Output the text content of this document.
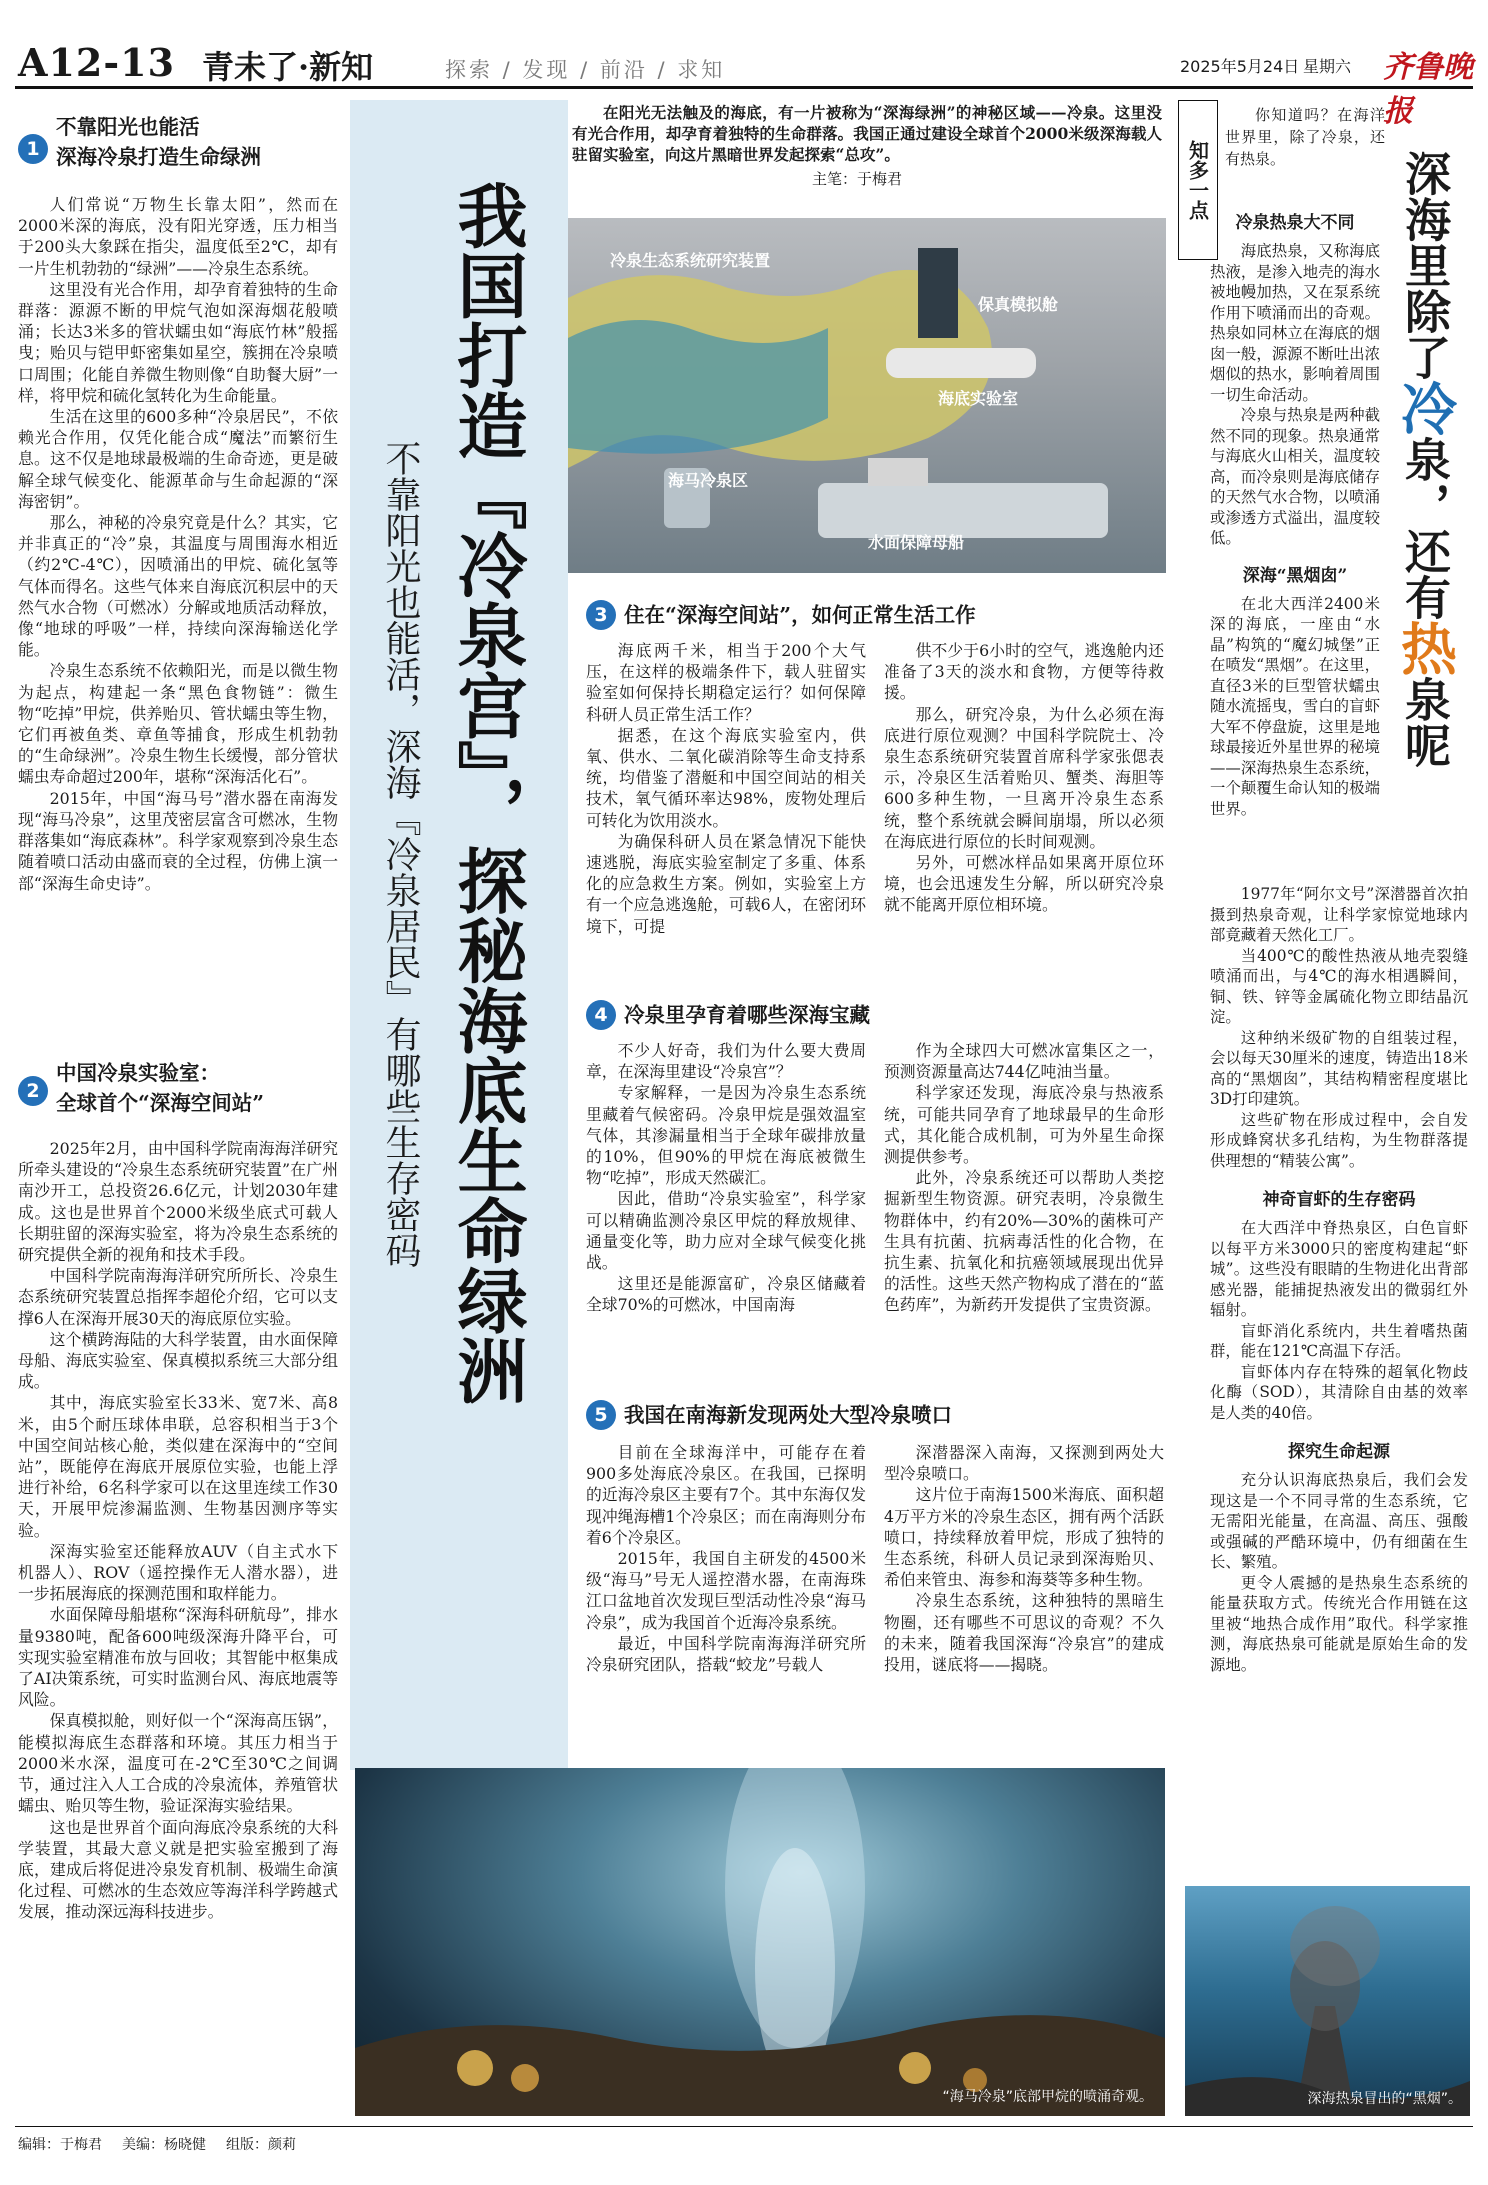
A12-13 青未了·新知	探索 / 发现 / 前沿 / 求知	2025年5月24日 星期六 齐鲁晚报
1
不靠阳光也能活
深海冷泉打造生命绿洲

人们常说“万物生长靠太阳”，然而在2000米深的海底，没有阳光穿透，压力相当于200头大象踩在指尖，温度低至2℃，却有一片生机勃勃的“绿洲”——冷泉生态系统。

这里没有光合作用，却孕育着独特的生命群落：源源不断的甲烷气泡如深海烟花般喷涌；长达3米多的管状蠕虫如“海底竹林”般摇曳；贻贝与铠甲虾密集如星空，簇拥在冷泉喷口周围；化能自养微生物则像“自助餐大厨”一样，将甲烷和硫化氢转化为生命能量。

生活在这里的600多种“冷泉居民”，不依赖光合作用，仅凭化能合成“魔法”而繁衍生息。这不仅是地球最极端的生命奇迹，更是破解全球气候变化、能源革命与生命起源的“深海密钥”。

那么，神秘的冷泉究竟是什么？其实，它并非真正的“冷”泉，其温度与周围海水相近（约2℃-4℃），因喷涌出的甲烷、硫化氢等气体而得名。这些气体来自海底沉积层中的天然气水合物（可燃冰）分解或地质活动释放，像“地球的呼吸”一样，持续向深海输送化学能。

冷泉生态系统不依赖阳光，而是以微生物为起点，构建起一条“黑色食物链”：微生物“吃掉”甲烷，供养贻贝、管状蠕虫等生物，它们再被鱼类、章鱼等捕食，形成生机勃勃的“生命绿洲”。冷泉生物生长缓慢，部分管状蠕虫寿命超过200年，堪称“深海活化石”。

2015年，中国“海马号”潜水器在南海发现“海马冷泉”，这里茂密层富含可燃冰，生物群落集如“海底森林”。科学家观察到冷泉生态随着喷口活动由盛而衰的全过程，仿佛上演一部“深海生命史诗”。

2
中国冷泉实验室：
全球首个“深海空间站”

2025年2月，由中国科学院南海海洋研究所牵头建设的“冷泉生态系统研究装置”在广州南沙开工，总投资26.6亿元，计划2030年建成。这也是世界首个2000米级坐底式可载人长期驻留的深海实验室，将为冷泉生态系统的研究提供全新的视角和技术手段。

中国科学院南海海洋研究所所长、冷泉生态系统研究装置总指挥李超伦介绍，它可以支撑6人在深海开展30天的海底原位实验。

这个横跨海陆的大科学装置，由水面保障母船、海底实验室、保真模拟系统三大部分组成。

其中，海底实验室长33米、宽7米、高8米，由5个耐压球体串联，总容积相当于3个中国空间站核心舱，类似建在深海中的“空间站”，既能停在海底开展原位实验，也能上浮进行补给，6名科学家可以在这里连续工作30天，开展甲烷渗漏监测、生物基因测序等实验。

深海实验室还能释放AUV（自主式水下机器人）、ROV（遥控操作无人潜水器），进一步拓展海底的探测范围和取样能力。

水面保障母船堪称“深海科研航母”，排水量9380吨，配备600吨级深海升降平台，可实现实验室精准布放与回收；其智能中枢集成了AI决策系统，可实时监测台风、海底地震等风险。

保真模拟舱，则好似一个“深海高压锅”，能模拟海底生态群落和环境。其压力相当于2000米水深，温度可在-2℃至30℃之间调节，通过注入人工合成的冷泉流体，养殖管状蠕虫、贻贝等生物，验证深海实验结果。

这也是世界首个面向海底冷泉系统的大科学装置，其最大意义就是把实验室搬到了海底，建成后将促进冷泉发育机制、极端生命演化过程、可燃冰的生态效应等海洋科学跨越式发展，推动深远海科技进步。

我国打造『冷泉宫』，探秘海底生命绿洲
不靠阳光也能活，深海『冷泉居民』有哪些生存密码
在阳光无法触及的海底，有一片被称为“深海绿洲”的神秘区域——冷泉。这里没有光合作用，却孕育着独特的生命群落。我国正通过建设全球首个2000米级深海载人驻留实验室，向这片黑暗世界发起探索“总攻”。
主笔：于梅君
冷泉生态系统研究装置
保真模拟舱
海底实验室
海马冷泉区
水面保障母船
3 住在“深海空间站”，如何正常生活工作

海底两千米，相当于200个大气压，在这样的极端条件下，载人驻留实验室如何保持长期稳定运行？如何保障科研人员正常生活工作？

据悉，在这个海底实验室内，供氧、供水、二氧化碳消除等生命支持系统，均借鉴了潜艇和中国空间站的相关技术，氧气循环率达98%，废物处理后可转化为饮用淡水。

为确保科研人员在紧急情况下能快速逃脱，海底实验室制定了多重、体系化的应急救生方案。例如，实验室上方有一个应急逃逸舱，可载6人，在密闭环境下，可提

供不少于6小时的空气，逃逸舱内还准备了3天的淡水和食物，方便等待救援。

那么，研究冷泉，为什么必须在海底进行原位观测？中国科学院院士、冷泉生态系统研究装置首席科学家张偲表示，冷泉区生活着贻贝、蟹类、海胆等600多种生物，一旦离开冷泉生态系统，整个系统就会瞬间崩塌，所以必须在海底进行原位的长时间观测。

另外，可燃冰样品如果离开原位环境，也会迅速发生分解，所以研究冷泉就不能离开原位相环境。

4 冷泉里孕育着哪些深海宝藏

不少人好奇，我们为什么要大费周章，在深海里建设“冷泉宫”？

专家解释，一是因为冷泉生态系统里藏着气候密码。冷泉甲烷是强效温室气体，其渗漏量相当于全球年碳排放量的10%，但90%的甲烷在海底被微生物“吃掉”，形成天然碳汇。

因此，借助“冷泉实验室”，科学家可以精确监测冷泉区甲烷的释放规律、通量变化等，助力应对全球气候变化挑战。

这里还是能源富矿，冷泉区储藏着全球70%的可燃冰，中国南海

作为全球四大可燃冰富集区之一，预测资源量高达744亿吨油当量。

科学家还发现，海底冷泉与热液系统，可能共同孕育了地球最早的生命形式，其化能合成机制，可为外星生命探测提供参考。

此外，冷泉系统还可以帮助人类挖掘新型生物资源。研究表明，冷泉微生物群体中，约有20%—30%的菌株可产生具有抗菌、抗病毒活性的化合物，在抗生素、抗氧化和抗癌领域展现出优异的活性。这些天然产物构成了潜在的“蓝色药库”，为新药开发提供了宝贵资源。

5 我国在南海新发现两处大型冷泉喷口

目前在全球海洋中，可能存在着900多处海底冷泉区。在我国，已探明的近海冷泉区主要有7个。其中东海仅发现冲绳海槽1个冷泉区；而在南海则分布着6个冷泉区。

2015年，我国自主研发的4500米级“海马”号无人遥控潜水器，在南海珠江口盆地首次发现巨型活动性冷泉“海马冷泉”，成为我国首个近海冷泉系统。

最近，中国科学院南海海洋研究所冷泉研究团队，搭载“蛟龙”号载人

深潜器深入南海，又探测到两处大型冷泉喷口。

这片位于南海1500米海底、面积超4万平方米的冷泉生态区，拥有两个活跃喷口，持续释放着甲烷，形成了独特的生态系统，科研人员记录到深海贻贝、希伯来管虫、海参和海葵等多种生物。

冷泉生态系统，这种独特的黑暗生物圈，还有哪些不可思议的奇观？不久的未来，随着我国深海“冷泉宫”的建成投用，谜底将——揭晓。

“海马冷泉”底部甲烷的喷涌奇观。
知多一点
你知道吗？在海洋世界里，除了冷泉，还有热泉。	深海里除了冷泉，还有热泉呢
冷泉热泉大不同

海底热泉，又称海底热液，是渗入地壳的海水被地幔加热，又在泵系统作用下喷涌而出的奇观。热泉如同林立在海底的烟囱一般，源源不断吐出浓烟似的热水，影响着周围一切生命活动。

冷泉与热泉是两种截然不同的现象。热泉通常与海底火山相关，温度较高，而冷泉则是海底储存的天然气水合物，以喷涌或渗透方式溢出，温度较低。

深海“黑烟囱”

在北大西洋2400米深的海底，一座由“水晶”构筑的“魔幻城堡”正在喷发“黑烟”。在这里，直径3米的巨型管状蠕虫随水流摇曳，雪白的盲虾大军不停盘旋，这里是地球最接近外星世界的秘境——深海热泉生态系统，一个颠覆生命认知的极端世界。

1977年“阿尔文号”深潜器首次拍摄到热泉奇观，让科学家惊觉地球内部竟藏着天然化工厂。

当400℃的酸性热液从地壳裂缝喷涌而出，与4℃的海水相遇瞬间，铜、铁、锌等金属硫化物立即结晶沉淀。

这种纳米级矿物的自组装过程，会以每天30厘米的速度，铸造出18米高的“黑烟囱”，其结构精密程度堪比3D打印建筑。

这些矿物在形成过程中，会自发形成蜂窝状多孔结构，为生物群落提供理想的“精装公寓”。

神奇盲虾的生存密码

在大西洋中脊热泉区，白色盲虾以每平方米3000只的密度构建起“虾城”。这些没有眼睛的生物进化出背部感光器，能捕捉热液发出的微弱红外辐射。

盲虾消化系统内，共生着嗜热菌群，能在121℃高温下存活。

盲虾体内存在特殊的超氧化物歧化酶（SOD），其清除自由基的效率是人类的40倍。

探究生命起源

充分认识海底热泉后，我们会发现这是一个不同寻常的生态系统，它无需阳光能量，在高温、高压、强酸或强碱的严酷环境中，仍有细菌在生长、繁殖。

更令人震撼的是热泉生态系统的能量获取方式。传统光合作用链在这里被“地热合成作用”取代。科学家推测，海底热泉可能就是原始生命的发源地。

深海热泉冒出的“黑烟”。
编辑：于梅君 美编：杨晓健 组版：颜莉
